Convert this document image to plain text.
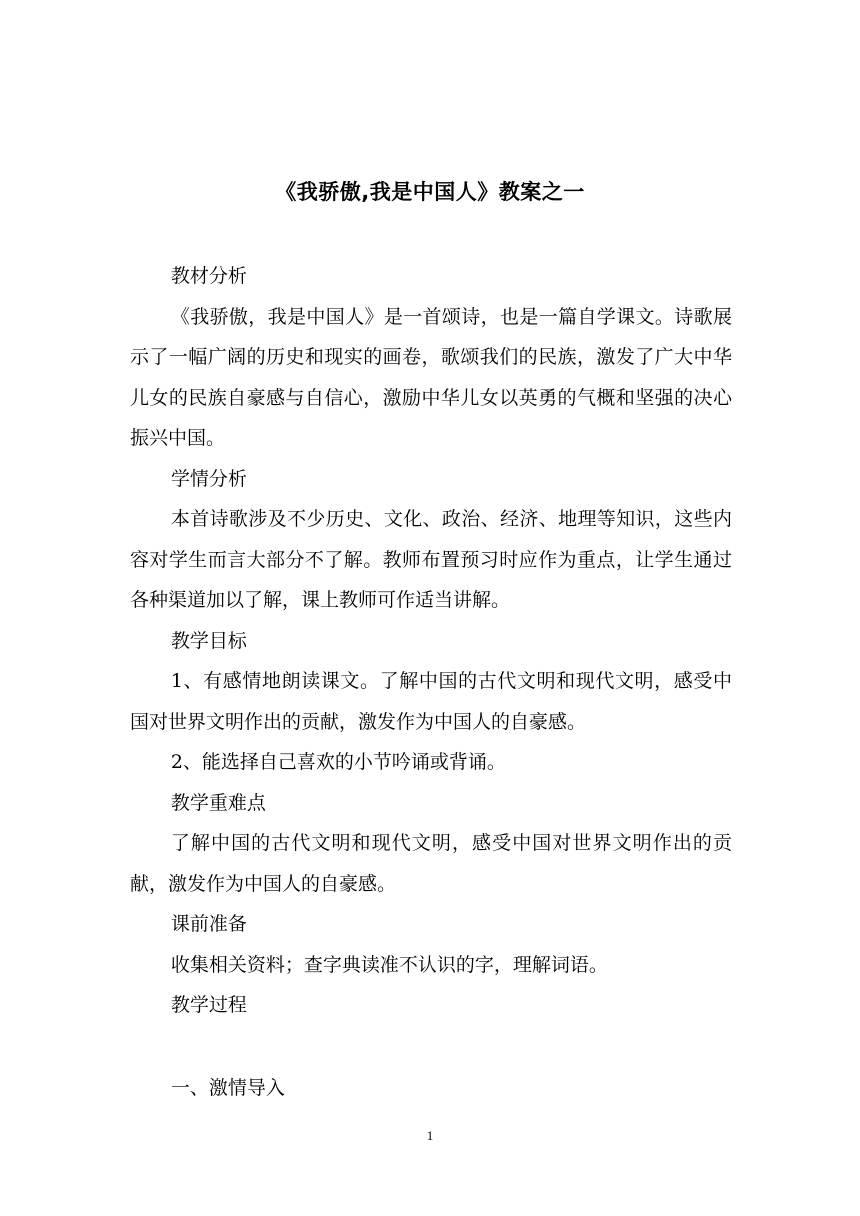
《我骄傲,我是中国人》教案之一

教材分析

《我骄傲，我是中国人》是一首颂诗，也是一篇自学课文。诗歌展示了一幅广阔的历史和现实的画卷，歌颂我们的民族，激发了广大中华儿女的民族自豪感与自信心，激励中华儿女以英勇的气概和坚强的决心振兴中国。

学情分析

本首诗歌涉及不少历史、文化、政治、经济、地理等知识，这些内容对学生而言大部分不了解。教师布置预习时应作为重点，让学生通过各种渠道加以了解，课上教师可作适当讲解。

教学目标

1、有感情地朗读课文。了解中国的古代文明和现代文明，感受中国对世界文明作出的贡献，激发作为中国人的自豪感。

2、能选择自己喜欢的小节吟诵或背诵。

教学重难点

了解中国的古代文明和现代文明，感受中国对世界文明作出的贡献，激发作为中国人的自豪感。

课前准备

收集相关资料；查字典读准不认识的字，理解词语。

教学过程

一、激情导入

1
